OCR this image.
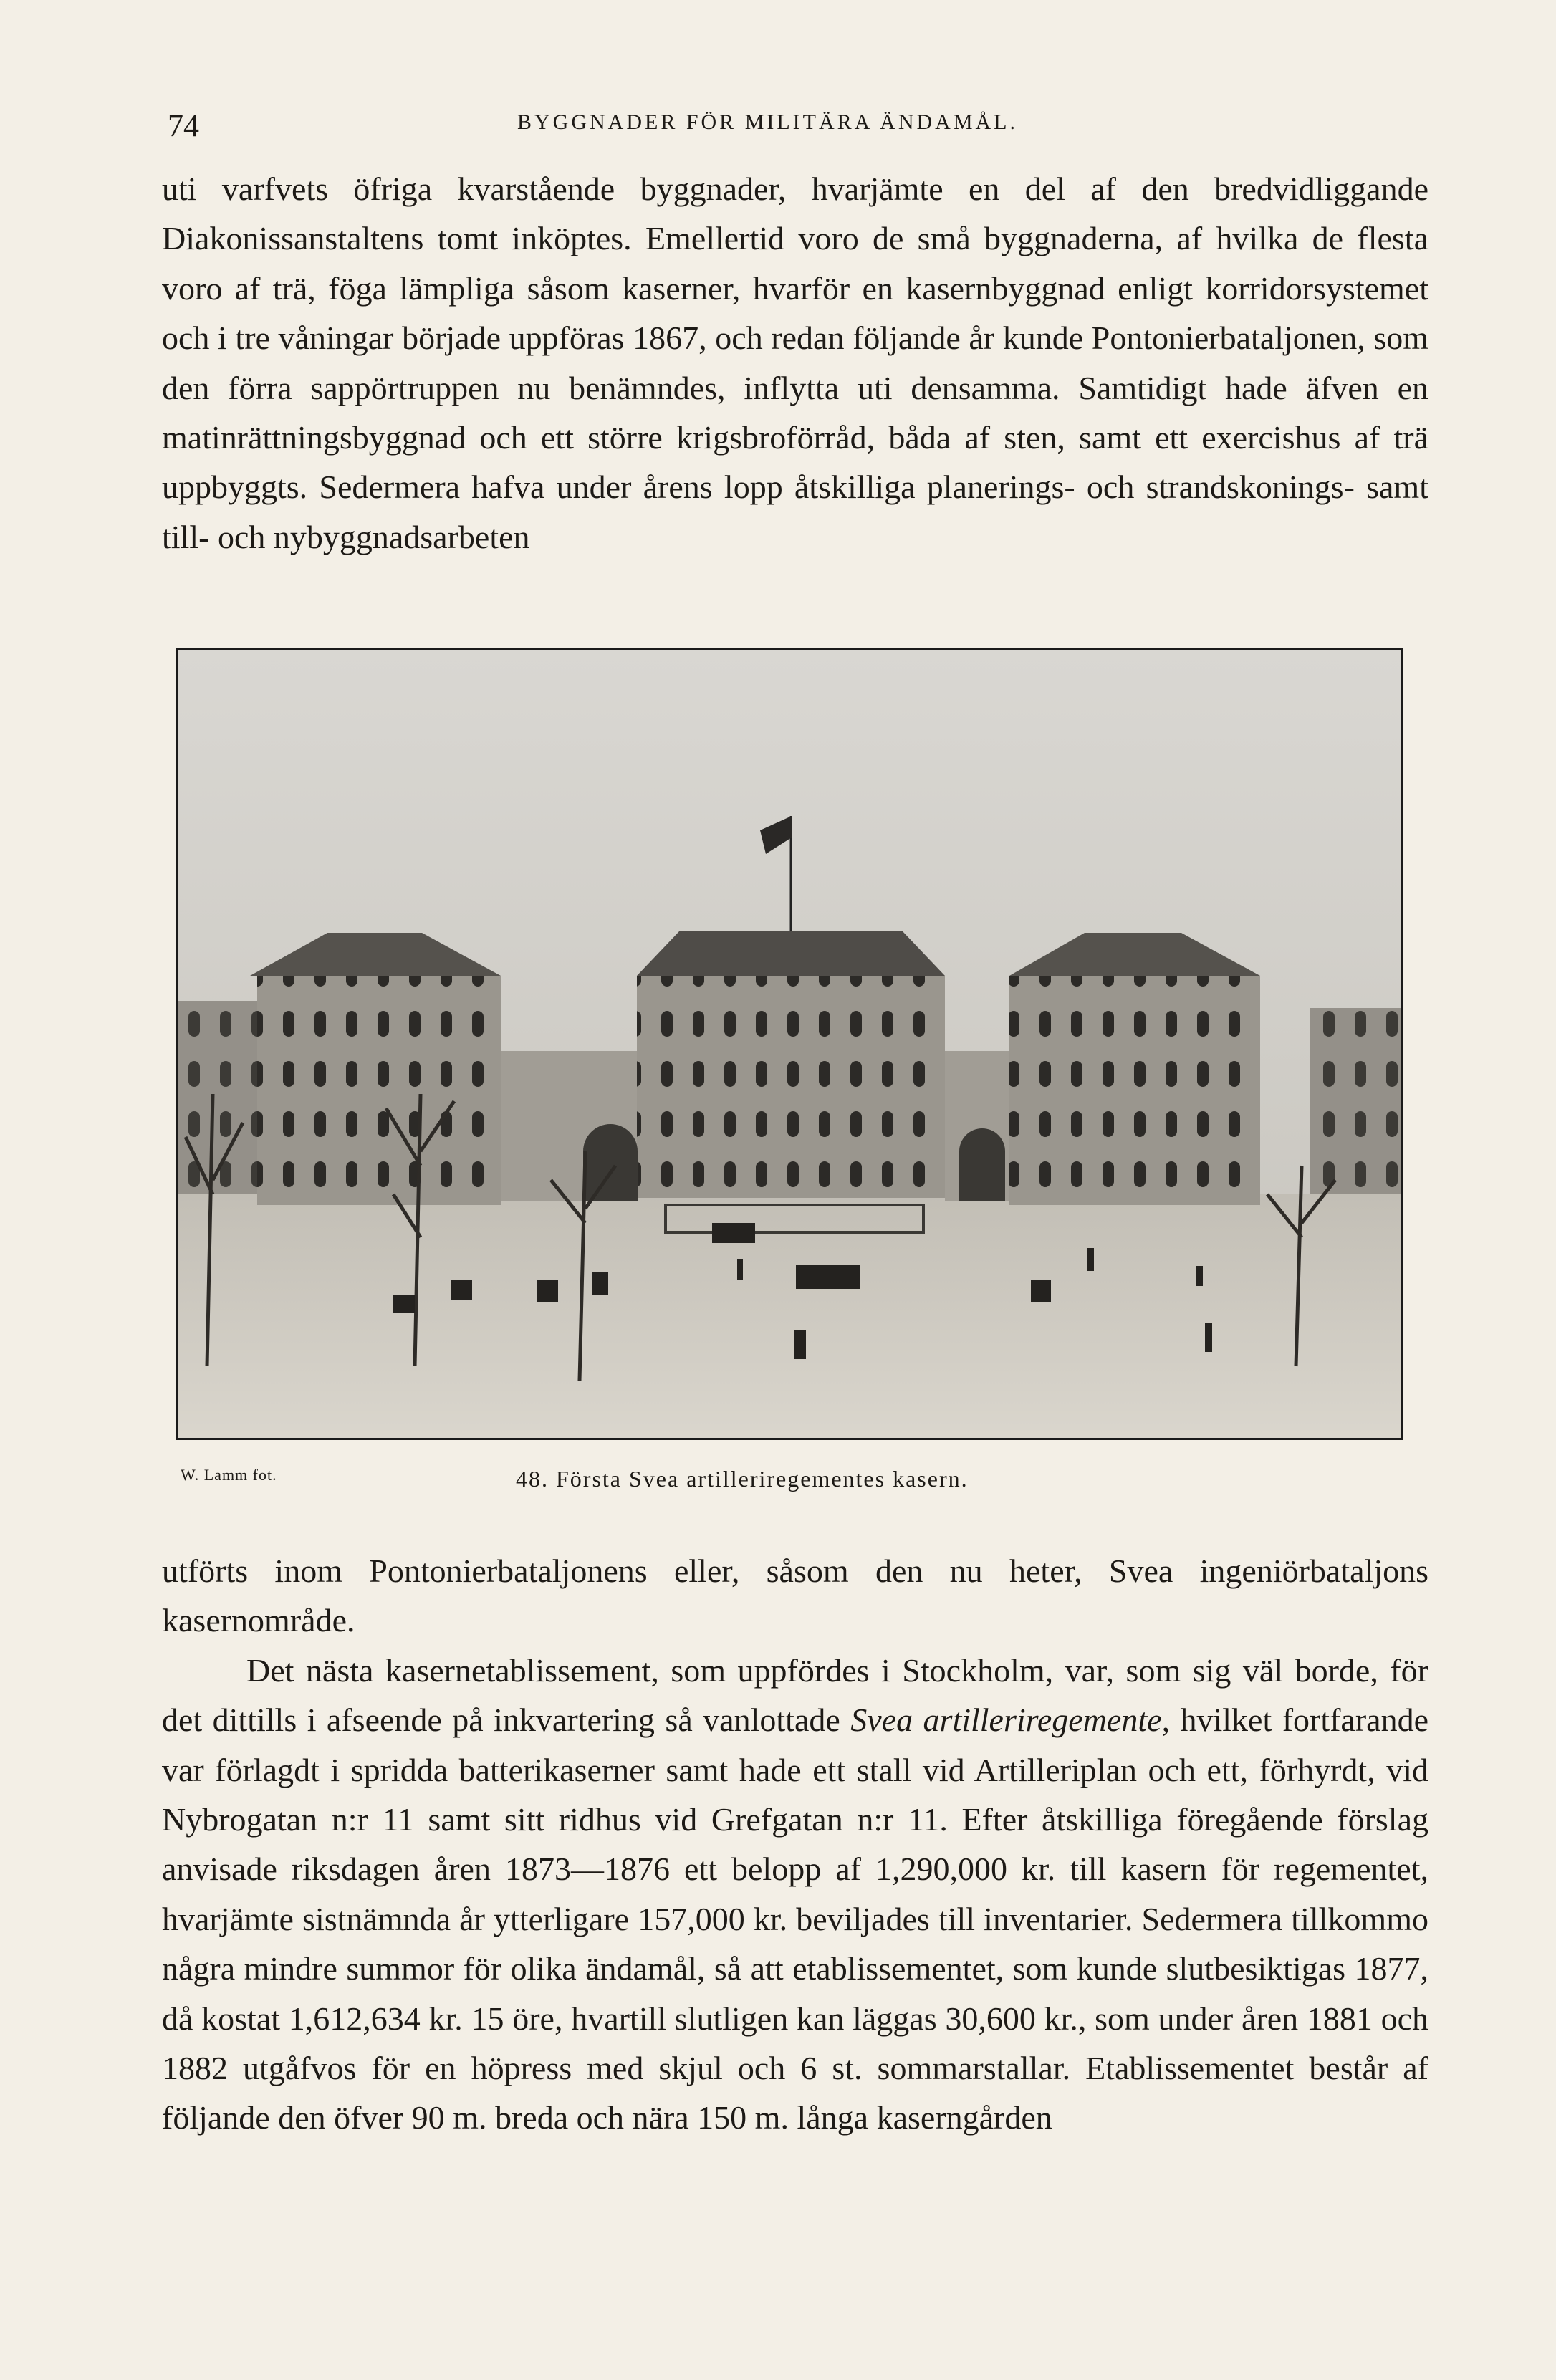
74	BYGGNADER FÖR MILITÄRA ÄNDAMÅL.

uti varfvets öfriga kvarstående byggnader, hvarjämte en del af den bredvidliggande Diakonissanstaltens tomt inköptes. Emellertid voro de små byggnaderna, af hvilka de flesta voro af trä, föga lämpliga såsom kaserner, hvarför en kasernbyggnad enligt korridorsystemet och i tre våningar började uppföras 1867, och redan följande år kunde Pontonierbataljonen, som den förra sappörtruppen nu benämndes, inflytta uti densamma. Samtidigt hade äfven en matinrättningsbyggnad och ett större krigsbroförråd, båda af sten, samt ett exercishus af trä uppbyggts. Sedermera hafva under årens lopp åtskilliga planerings- och strandskonings- samt till- och nybyggnadsarbeten

W. Lamm fot.	48. Första Svea artilleriregementes kasern.

utförts inom Pontonierbataljonens eller, såsom den nu heter, Svea ingeniörbataljons kasernområde.

Det nästa kasernetablissement, som uppfördes i Stockholm, var, som sig väl borde, för det dittills i afseende på inkvartering så vanlottade Svea artilleriregemente, hvilket fortfarande var förlagdt i spridda batterikaserner samt hade ett stall vid Artilleriplan och ett, förhyrdt, vid Nybrogatan n:r 11 samt sitt ridhus vid Grefgatan n:r 11. Efter åtskilliga föregående förslag anvisade riksdagen åren 1873—1876 ett belopp af 1,290,000 kr. till kasern för regementet, hvarjämte sistnämnda år ytterligare 157,000 kr. beviljades till inventarier. Sedermera tillkommo några mindre summor för olika ändamål, så att etablissementet, som kunde slutbesiktigas 1877, då kostat 1,612,634 kr. 15 öre, hvartill slutligen kan läggas 30,600 kr., som under åren 1881 och 1882 utgåfvos för en höpress med skjul och 6 st. sommarstallar. Etablissementet består af följande den öfver 90 m. breda och nära 150 m. långa kaserngården
